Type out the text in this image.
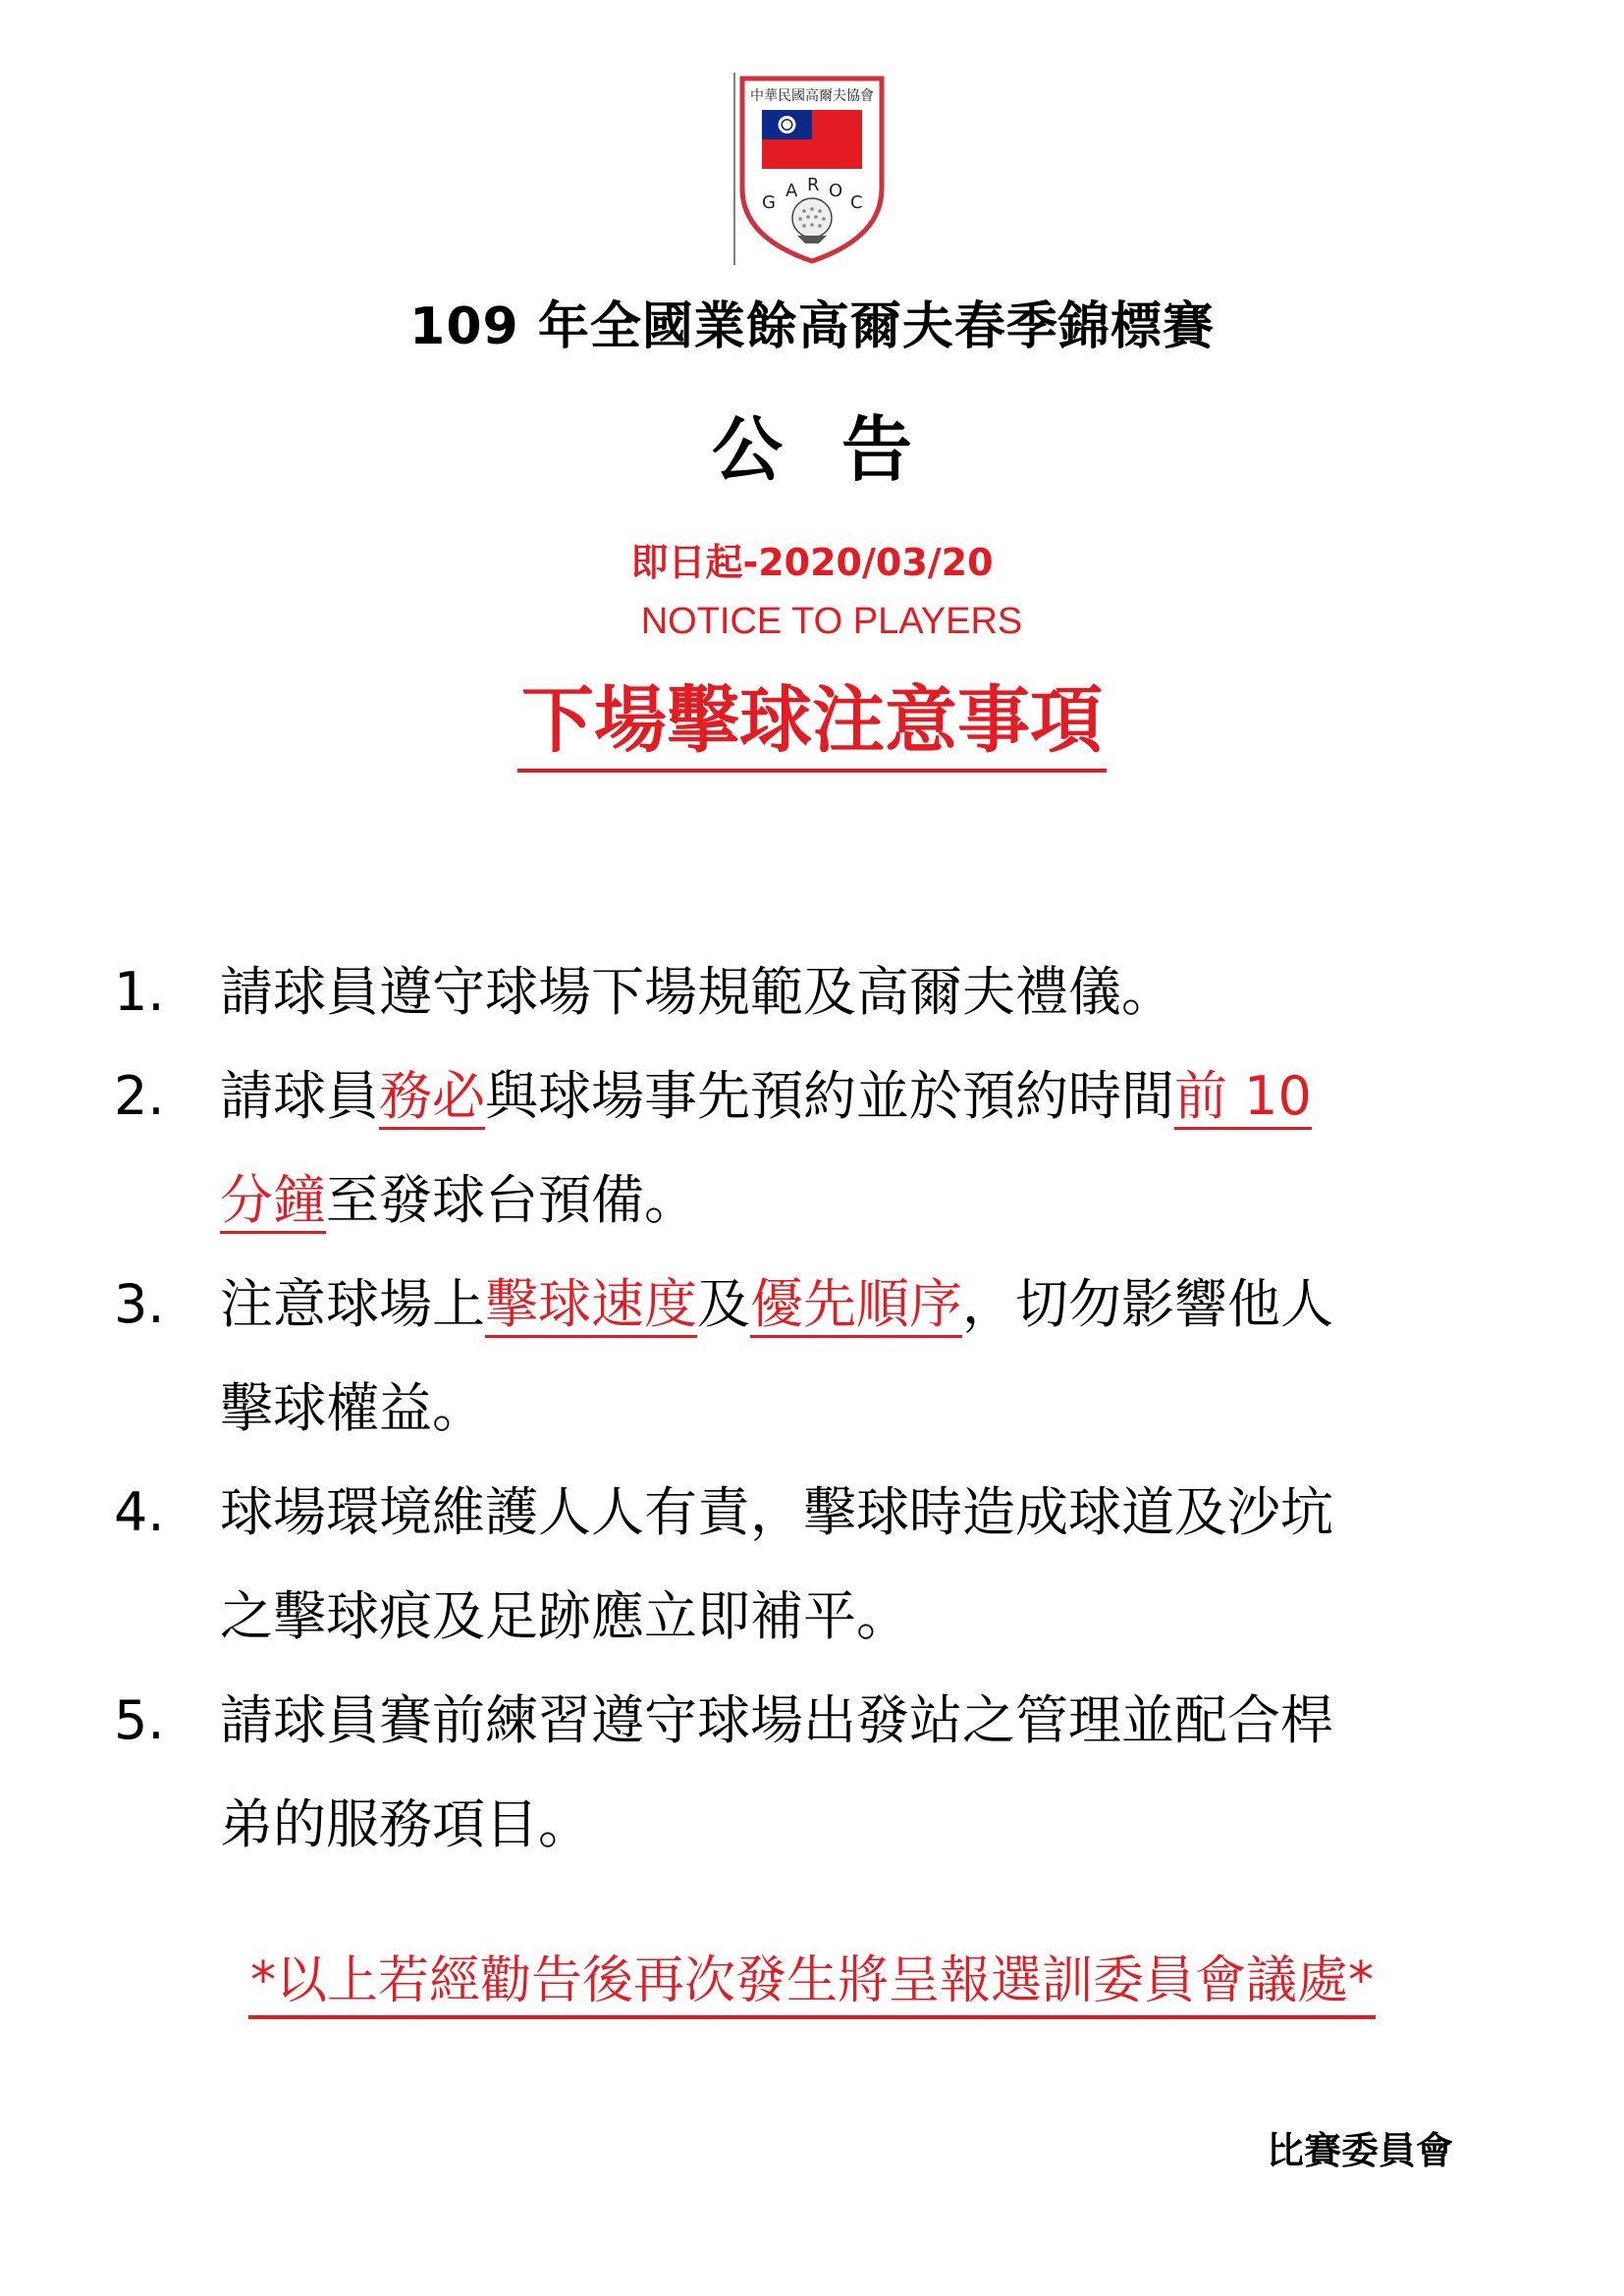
中華民國高爾夫協會
G
A R O
C
109 年全國業餘高爾夫春季錦標賽
公告
即日起-2020/03/20
NOTICE TO PLAYERS
下場擊球注意事項
1.	請球員遵守球場下場規範及高爾夫禮儀。
2.	請球員務必與球場事先預約並於預約時間前 10
分鐘至發球台預備。
3.	注意球場上擊球速度及優先順序，切勿影響他人
擊球權益。
4.	球場環境維護人人有責，擊球時造成球道及沙坑
之擊球痕及足跡應立即補平。
5.	請球員賽前練習遵守球場出發站之管理並配合桿
弟的服務項目。
*以上若經勸告後再次發生將呈報選訓委員會議處*
比賽委員會
